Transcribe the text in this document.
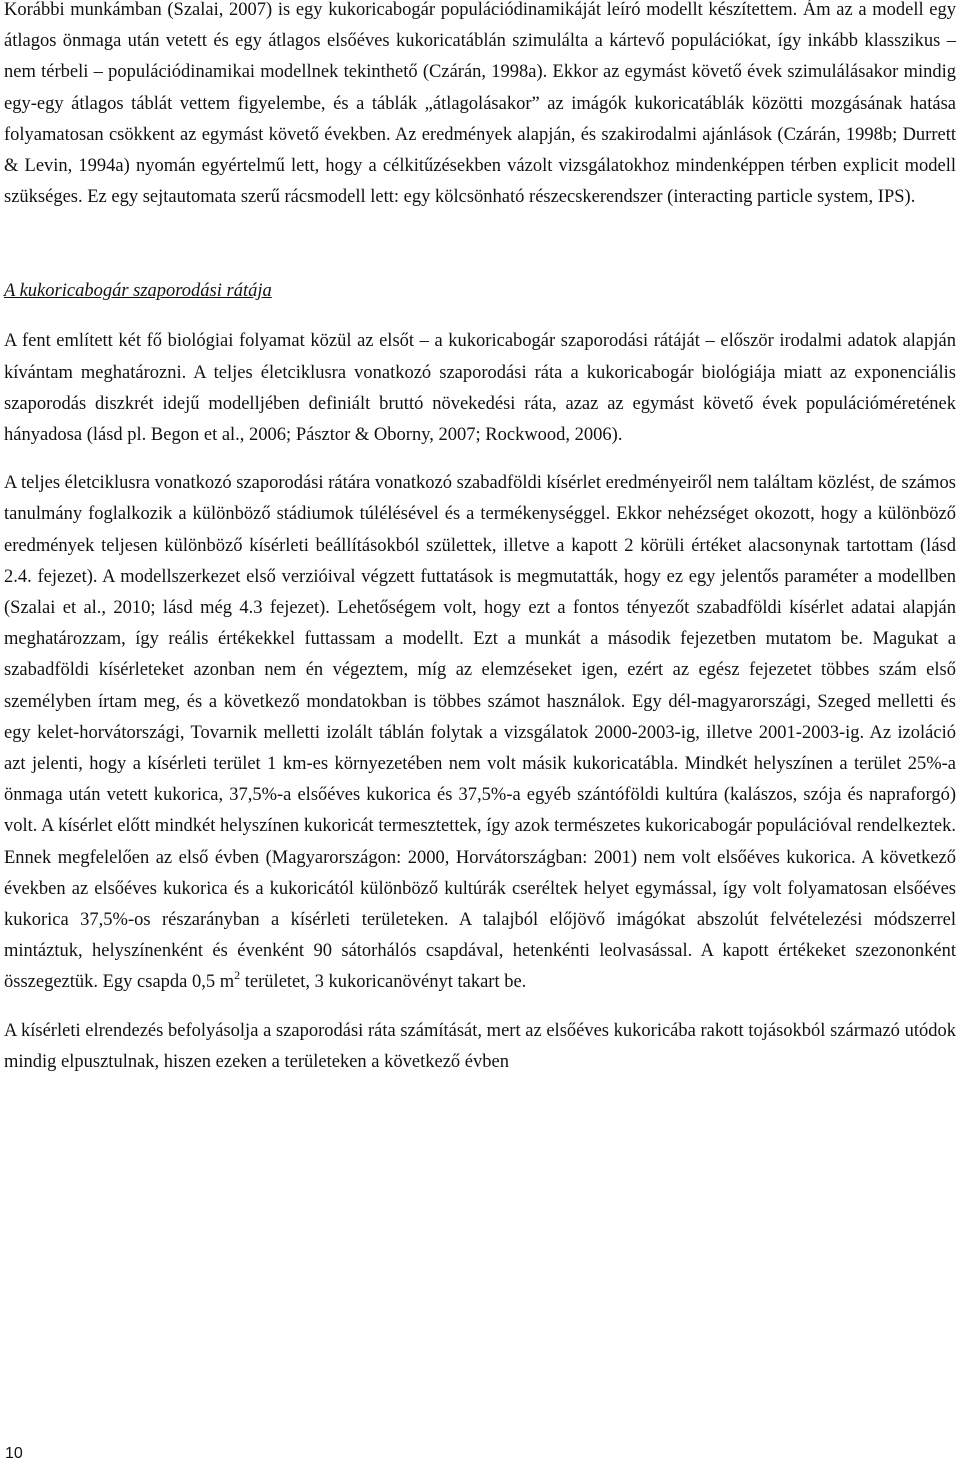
Korábbi munkámban (Szalai, 2007) is egy kukoricabogár populációdinamikáját leíró modellt készítettem. Ám az a modell egy átlagos önmaga után vetett és egy átlagos elsőéves kukoricatáblán szimulálta a kártevő populációkat, így inkább klasszikus – nem térbeli – populációdinamikai modellnek tekinthető (Czárán, 1998a). Ekkor az egymást követő évek szimulálásakor mindig egy-egy átlagos táblát vettem figyelembe, és a táblák „átlagolásakor” az imágók kukoricatáblák közötti mozgásának hatása folyamatosan csökkent az egymást követő években. Az eredmények alapján, és szakirodalmi ajánlások (Czárán, 1998b; Durrett & Levin, 1994a) nyomán egyértelmű lett, hogy a célkitűzésekben vázolt vizsgálatokhoz mindenképpen térben explicit modell szükséges. Ez egy sejtautomata szerű rácsmodell lett: egy kölcsönható részecskerendszer (interacting particle system, IPS).

A kukoricabogár szaporodási rátája

A fent említett két fő biológiai folyamat közül az elsőt – a kukoricabogár szaporodási rátáját – először irodalmi adatok alapján kívántam meghatározni. A teljes életciklusra vonatkozó szaporodási ráta a kukoricabogár biológiája miatt az exponenciális szaporodás diszkrét idejű modelljében definiált bruttó növekedési ráta, azaz az egymást követő évek populációméretének hányadosa (lásd pl. Begon et al., 2006; Pásztor & Oborny, 2007; Rockwood, 2006).

A teljes életciklusra vonatkozó szaporodási rátára vonatkozó szabadföldi kísérlet eredményeiről nem találtam közlést, de számos tanulmány foglalkozik a különböző stádiumok túlélésével és a termékenységgel. Ekkor nehézséget okozott, hogy a különböző eredmények teljesen különböző kísérleti beállításokból születtek, illetve a kapott 2 körüli értéket alacsonynak tartottam (lásd 2.4. fejezet). A modellszerkezet első verzióival végzett futtatások is megmutatták, hogy ez egy jelentős paraméter a modellben (Szalai et al., 2010; lásd még 4.3 fejezet). Lehetőségem volt, hogy ezt a fontos tényezőt szabadföldi kísérlet adatai alapján meghatározzam, így reális értékekkel futtassam a modellt. Ezt a munkát a második fejezetben mutatom be. Magukat a szabadföldi kísérleteket azonban nem én végeztem, míg az elemzéseket igen, ezért az egész fejezetet többes szám első személyben írtam meg, és a következő mondatokban is többes számot használok. Egy dél-magyarországi, Szeged melletti és egy kelet-horvátországi, Tovarnik melletti izolált táblán folytak a vizsgálatok 2000-2003-ig, illetve 2001-2003-ig. Az izoláció azt jelenti, hogy a kísérleti terület 1 km-es környezetében nem volt másik kukoricatábla. Mindkét helyszínen a terület 25%-a önmaga után vetett kukorica, 37,5%-a elsőéves kukorica és 37,5%-a egyéb szántóföldi kultúra (kalászos, szója és napraforgó) volt. A kísérlet előtt mindkét helyszínen kukoricát termesztettek, így azok természetes kukoricabogár populációval rendelkeztek. Ennek megfelelően az első évben (Magyarországon: 2000, Horvátországban: 2001) nem volt elsőéves kukorica. A következő években az elsőéves kukorica és a kukoricától különböző kultúrák cseréltek helyet egymással, így volt folyamatosan elsőéves kukorica 37,5%-os részarányban a kísérleti területeken. A talajból előjövő imágókat abszolút felvételezési módszerrel mintáztuk, helyszínenként és évenként 90 sátorhálós csapdával, hetenkénti leolvasással. A kapott értékeket szezononként összegeztük. Egy csapda 0,5 $m^2$ területet, 3 kukoricanövényt takart be.

A kísérleti elrendezés befolyásolja a szaporodási ráta számítását, mert az elsőéves kukoricába rakott tojásokból származó utódok mindig elpusztulnak, hiszen ezeken a területeken a következő évben

10
